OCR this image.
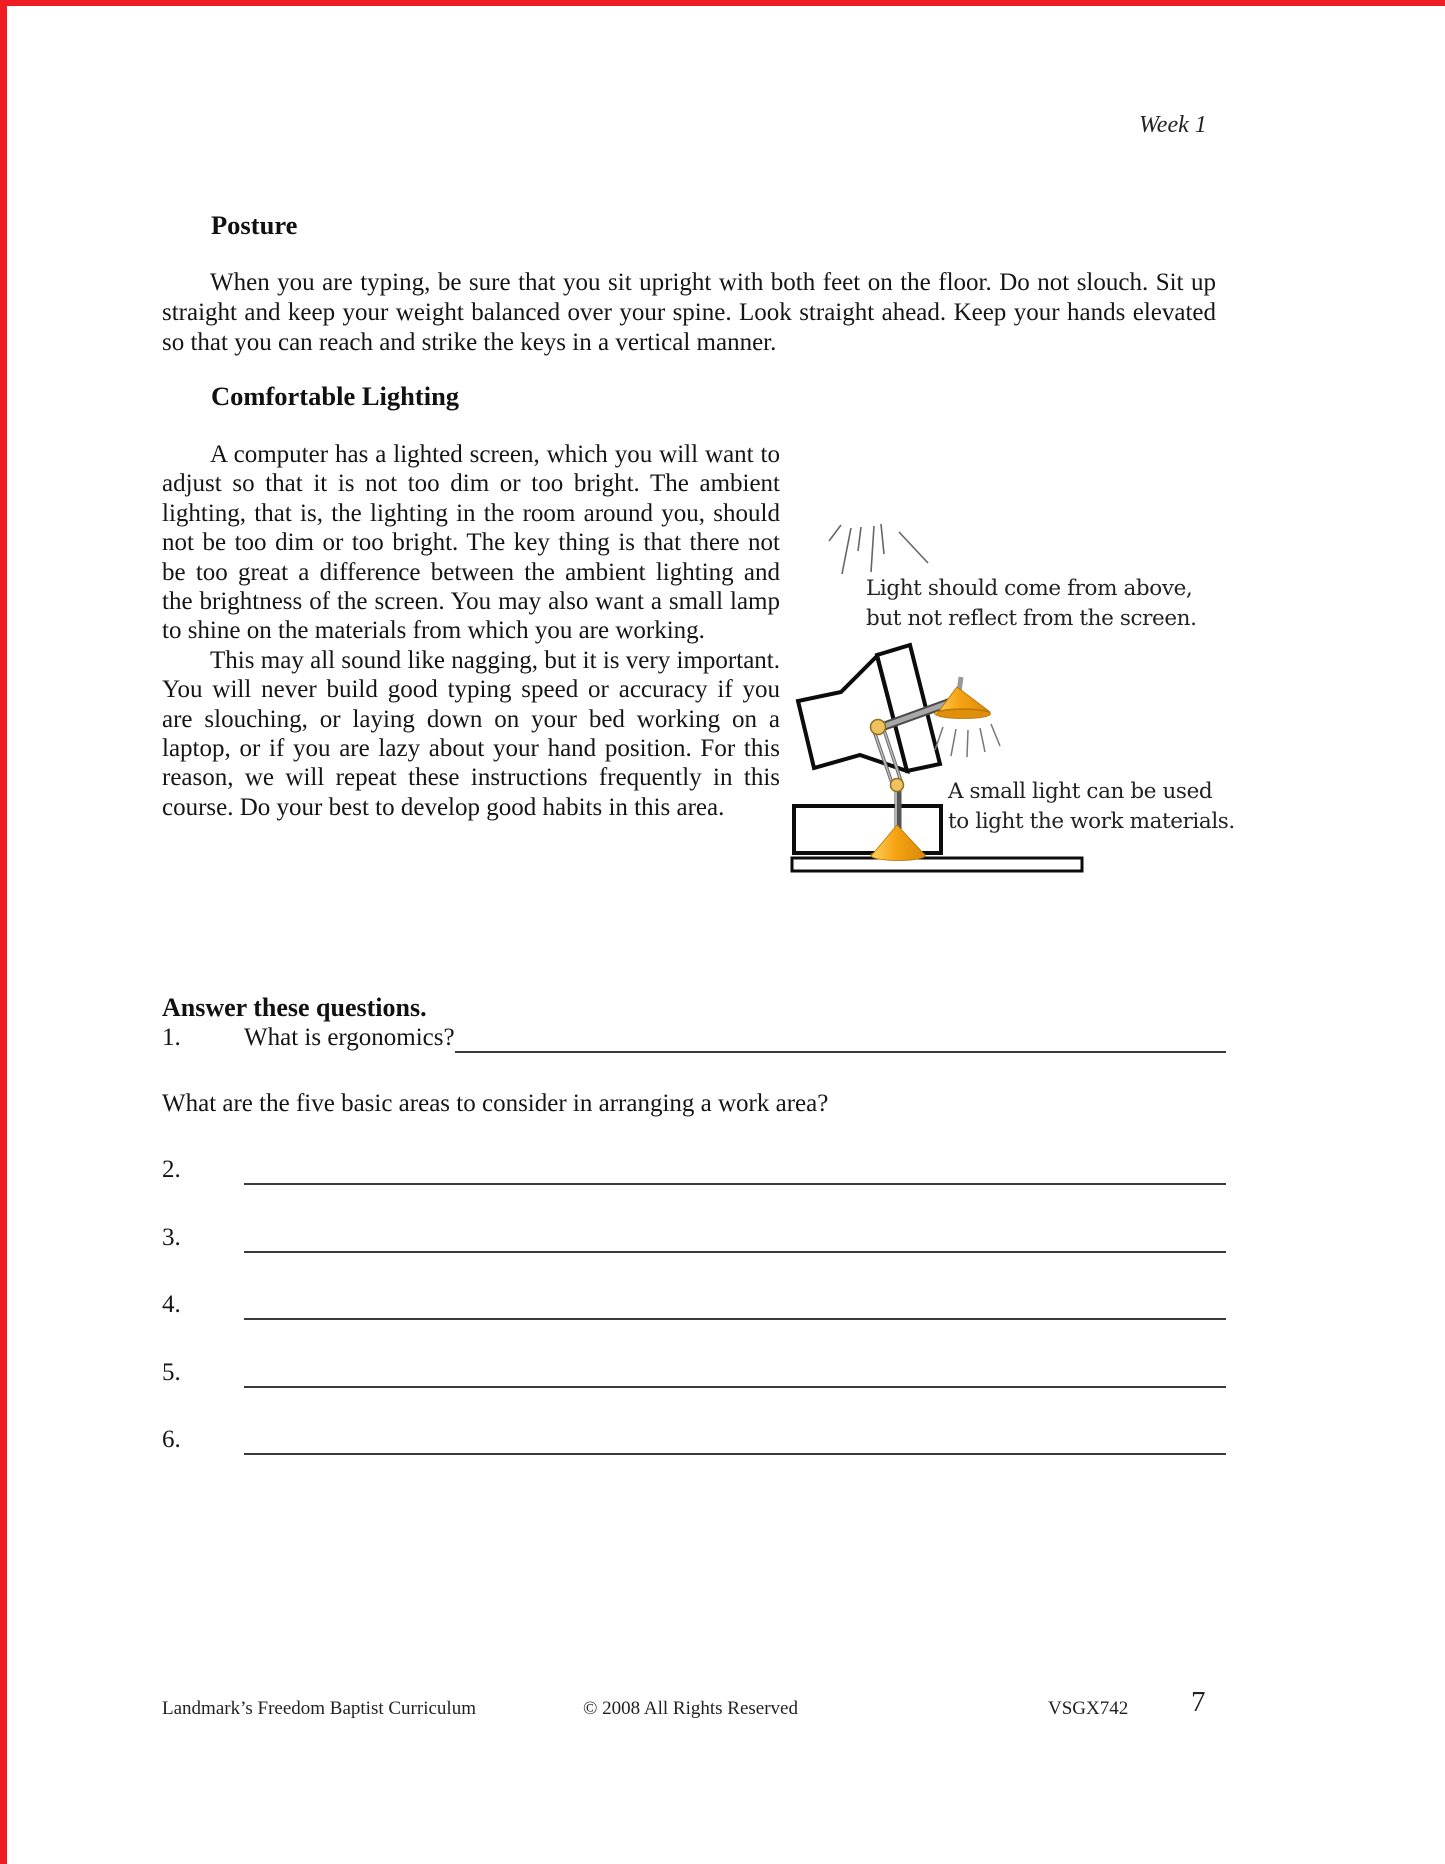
Week 1
Posture
When you are typing, be sure that you sit upright with both feet on the floor. Do not slouch. Sit up straight and keep your weight balanced over your spine. Look straight ahead. Keep your hands elevated so that you can reach and strike the keys in a vertical manner.
Comfortable Lighting

A computer has a lighted screen, which you will want to adjust so that it is not too dim or too bright. The ambient lighting, that is, the lighting in the room around you, should not be too dim or too bright. The key thing is that there not be too great a difference between the ambient lighting and the brightness of the screen. You may also want a small lamp to shine on the materials from which you are working.

This may all sound like nagging, but it is very important. You will never build good typing speed or accuracy if you are slouching, or laying down on your bed working on a laptop, or if you are lazy about your hand position. For this reason, we will repeat these instructions frequently in this course. Do your best to develop good habits in this area.

Light should come from above,
but not reflect from the screen.
A small light can be used
to light the work materials.
Answer these questions.
1.	What is ergonomics?
What are the five basic areas to consider in arranging a work area?
2.
3.
4.
5.
6.
Landmark’s Freedom Baptist Curriculum	© 2008 All Rights Reserved	VSGX742 7
